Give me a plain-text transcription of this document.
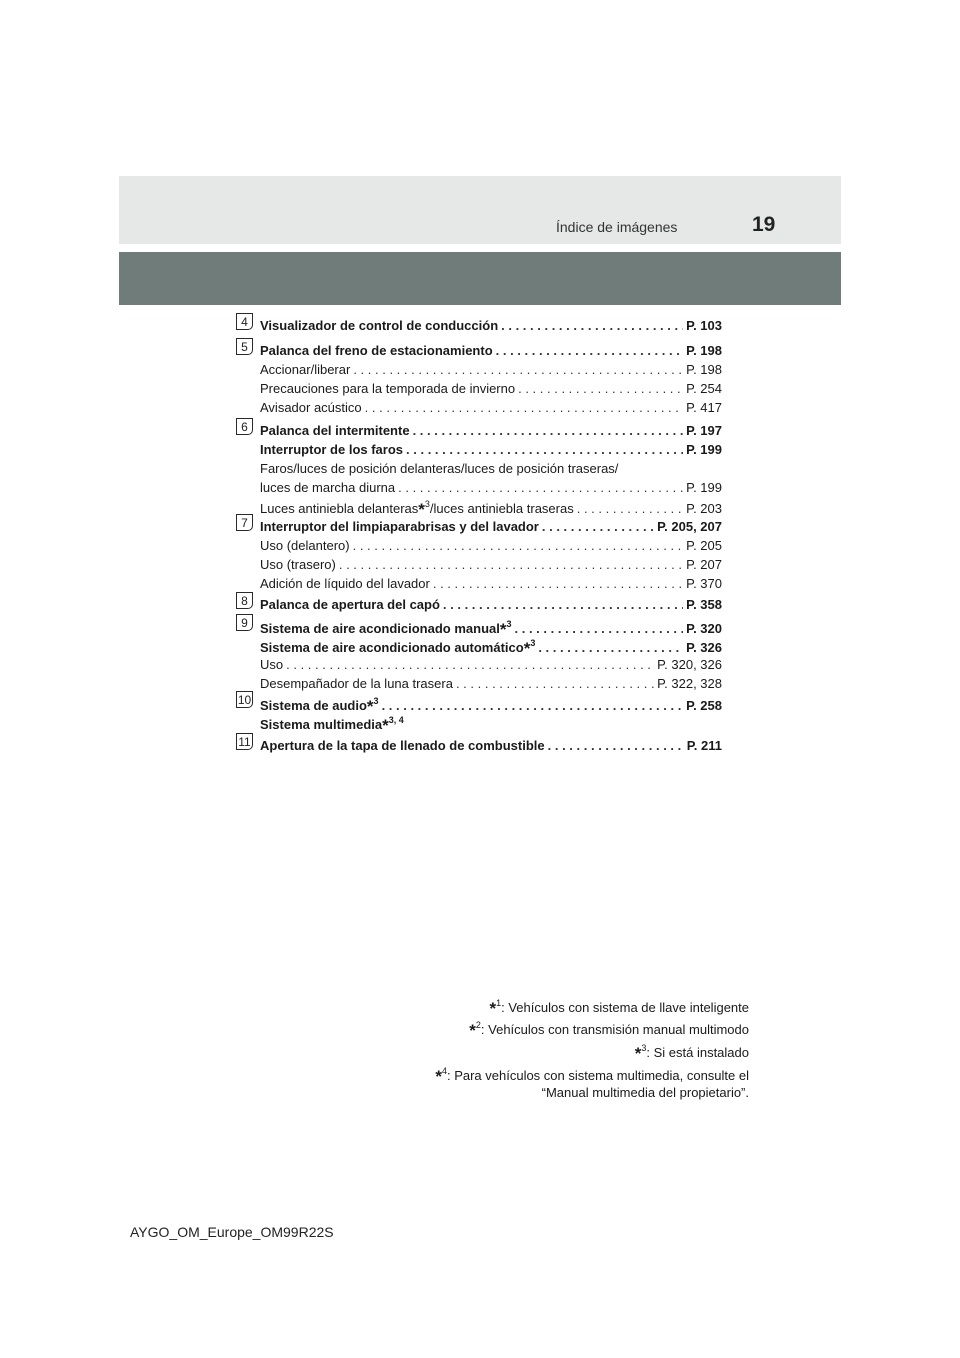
Índice de imágenes	19
4 Visualizador de control de conducción . . .	P. 103
5 Palanca del freno de estacionamiento . . .	P. 198
Accionar/liberar . . .	P. 198
Precauciones para la temporada de invierno . . .	P. 254
Avisador acústico . . .	P. 417
6 Palanca del intermitente . . .	P. 197
Interruptor de los faros . . .	P. 199
Faros/luces de posición delanteras/luces de posición traseras/
luces de marcha diurna . . .	P. 199
Luces antiniebla delanteras*$^3$/luces antiniebla traseras . . .	P. 203
7 Interruptor del limpiaparabrisas y del lavador . . .	P. 205, 207
Uso (delantero) . . .	P. 205
Uso (trasero) . . .	P. 207
Adición de líquido del lavador . . .	P. 370
8 Palanca de apertura del capó . . .	P. 358
9 Sistema de aire acondicionado manual*$^3$ . . .	P. 320
Sistema de aire acondicionado automático*$^3$ . . .	P. 326
Uso . . .	P. 320, 326
Desempañador de la luna trasera . . .	P. 322, 328
10 Sistema de audio*$^3$ . . .	P. 258
Sistema multimedia*$^{3, 4}$
11 Apertura de la tapa de llenado de combustible . . .	P. 211
*$^1$: Vehículos con sistema de llave inteligente
*$^2$: Vehículos con transmisión manual multimodo
*$^3$: Si está instalado
*$^4$: Para vehículos con sistema multimedia, consulte el
“Manual multimedia del propietario”.
AYGO_OM_Europe_OM99R22S
